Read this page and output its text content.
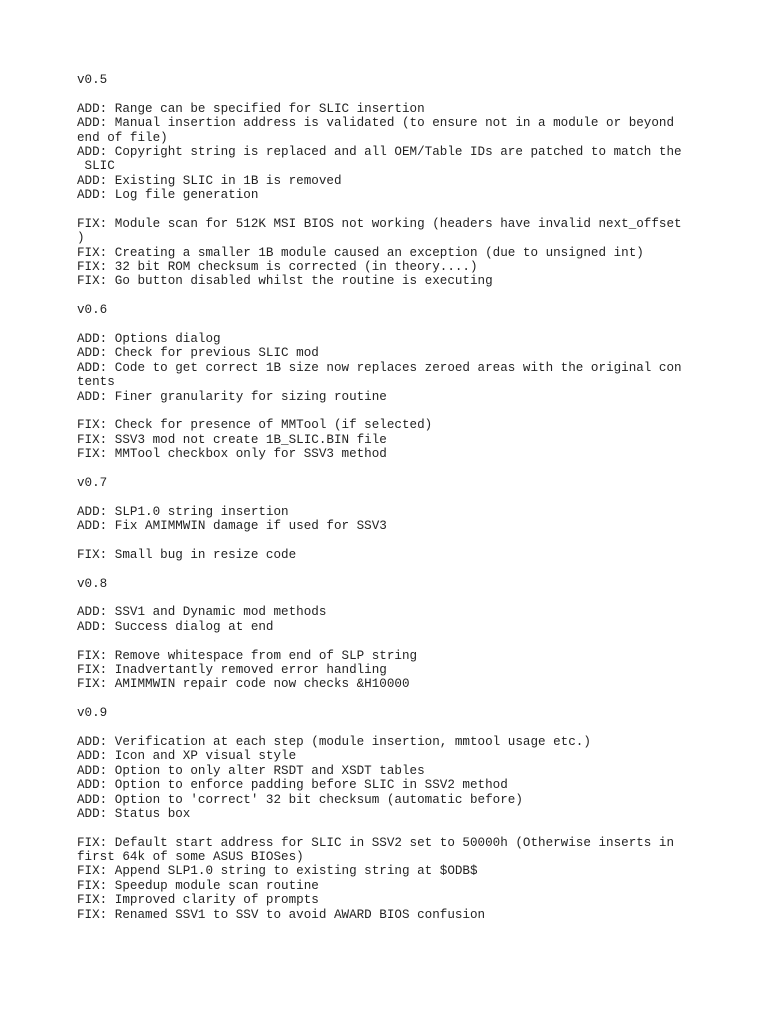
v0.5
ADD: Range can be specified for SLIC insertion
ADD: Manual insertion address is validated (to ensure not in a module or beyond
end of file)
ADD: Copyright string is replaced and all OEM/Table IDs are patched to match the
SLIC
ADD: Existing SLIC in 1B is removed
ADD: Log file generation
FIX: Module scan for 512K MSI BIOS not working (headers have invalid next_offset
)
FIX: Creating a smaller 1B module caused an exception (due to unsigned int)
FIX: 32 bit ROM checksum is corrected (in theory....)
FIX: Go button disabled whilst the routine is executing
v0.6
ADD: Options dialog
ADD: Check for previous SLIC mod
ADD: Code to get correct 1B size now replaces zeroed areas with the original con
tents
ADD: Finer granularity for sizing routine
FIX: Check for presence of MMTool (if selected)
FIX: SSV3 mod not create 1B_SLIC.BIN file
FIX: MMTool checkbox only for SSV3 method
v0.7
ADD: SLP1.0 string insertion
ADD: Fix AMIMMWIN damage if used for SSV3
FIX: Small bug in resize code
v0.8
ADD: SSV1 and Dynamic mod methods
ADD: Success dialog at end
FIX: Remove whitespace from end of SLP string
FIX: Inadvertantly removed error handling
FIX: AMIMMWIN repair code now checks &H10000
v0.9
ADD: Verification at each step (module insertion, mmtool usage etc.)
ADD: Icon and XP visual style
ADD: Option to only alter RSDT and XSDT tables
ADD: Option to enforce padding before SLIC in SSV2 method
ADD: Option to 'correct' 32 bit checksum (automatic before)
ADD: Status box
FIX: Default start address for SLIC in SSV2 set to 50000h (Otherwise inserts in
first 64k of some ASUS BIOSes)
FIX: Append SLP1.0 string to existing string at $ODB$
FIX: Speedup module scan routine
FIX: Improved clarity of prompts
FIX: Renamed SSV1 to SSV to avoid AWARD BIOS confusion
